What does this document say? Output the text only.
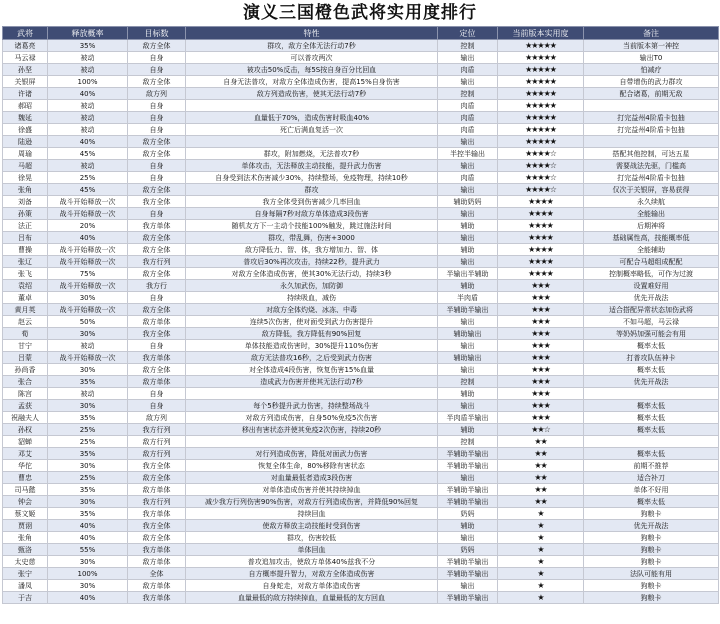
演义三国橙色武将实用度排行
武将	释放概率	目标数	特性	定位	当前版本实用度	备注
诸葛亮	35%	敌方全体	群攻，敌方全体无法行动7秒	控制	★★★★★	当前版本第一神控
马云禄	被动	自身	可以普攻两次	输出	★★★★★	输出T0
孙坚	被动	自身	被攻击50%反击，每5S按自身百分比回血	肉盾	★★★★★	怕减疗
关银屏	100%	敌方全体	自身无法普攻，对敌方全体造成伤害，提高15%自身伤害	输出	★★★★★	自带增伤的武力群攻
许诸	40%	敌方列	敌方列造成伤害，使其无法行动7秒	控制	★★★★★	配合诸葛，前期无敌
郝昭	被动	自身		肉盾	★★★★★	
魏延	被动	自身	血量低于70%，造成伤害时吸血40%	肉盾	★★★★★	打完益州4阶盾卡包抽
徐盛	被动	自身	死亡后满血复活一次	肉盾	★★★★★	打完益州4阶盾卡包抽
陆逊	40%	敌方全体		输出	★★★★★	
周瑜	45%	敌方全体	群攻，附加燃烧，无法普攻7秒	半控半输出	★★★★☆	搭配其他控制，可达五星
马超	被动	自身	单体攻击，无法释放主动技能，提升武力伤害	输出	★★★★☆	需要战法先驱，门槛高
徐晃	25%	自身	自身受到法术伤害减少30%，持续整场，免疫物理，持续10秒	肉盾	★★★★☆	打完益州4阶盾卡包抽
张角	45%	敌方全体	群攻	输出	★★★★☆	仅次于关银屏，容易获得
刘备	战斗开始释放一次	我方全体	我方全体受到伤害减少几率回血	辅助奶妈	★★★★	永久续航
孙策	战斗开始释放一次	自身	自身每隔7秒对敌方单体造成3段伤害	输出	★★★★	全能输出
法正	20%	我方单体	随机友方下一主动个技能100%触发，跳过施法时间	辅助	★★★★	后期神将
吕布	40%	敌方全体	群攻，带乱舞，伤害+3000	输出	★★★★	基础属性高，技能概率低
曹操	战斗开始释放一次	敌方全体	敌方降低力、智、体，我方增加力、智、体	辅助	★★★★	全能辅助
张辽	战斗开始释放一次	我方行列	普攻后30%再次攻击，持续22秒，提升武力	输出	★★★★	可配合马超组成配配
张飞	75%	敌方全体	对敌方全体造成伤害，使其30%无法行动，持续3秒	半输出半辅助	★★★★	控制概率略低，可作为过渡
袁绍	战斗开始释放一次	我方行	永久加武伤，加防御	辅助	★★★	设置难好用
董卓	30%	自身	持续吸血，减伤	半肉盾	★★★	优先开战法
黄月英	战斗开始释放一次	敌方全体	对敌方全体灼烧、冰冻、中毒	半辅助半输出	★★★	适合搭配异常状态加伤武将
赵云	50%	敌方单体	连续5次伤害，使对面受到武力伤害提升	输出	★★★	不如马超，马云禄
荀	30%	我方全体	敌方降低，我方降低有90%回复	辅助输出	★★★	等奶妈加强可能会有用
甘宁	被动	自身	单体技能造成伤害时，30%提升110%伤害	输出	★★★	概率太低
吕蒙	战斗开始释放一次	我方单体	敌方无法普攻16秒，之后受到武力伤害	辅助输出	★★★	打普攻队伍神卡
孙尚香	30%	敌方全体	对全体造成4段伤害，恢复伤害15%血量	输出	★★★	概率太低
张合	35%	敌方单体	造成武力伤害并使其无法行动7秒	控制	★★★	优先开战法
陈宫	被动	自身		辅助	★★★	
孟获	30%	自身	每个5秒提升武力伤害，持续整场战斗	输出	★★★	概率太低
祝融夫人	35%	敌方列	对敌方列造成伤害，自身50%免疫5次伤害	半肉盾半输出	★★★	概率太低
孙权	25%	我方行列	移出有害状态并使其免疫2次伤害，持续20秒	辅助	★★☆	概率太低
貂蝉	25%	敌方行列		控制	★★	
邓艾	35%	敌方行列	对行列造成伤害，降低对面武力伤害	半辅助半输出	★★	概率太低
华佗	30%	我方全体	恢复全体生命，80%移除有害状态	半辅助半输出	★★	前期不推荐
曹忠	25%	敌方全体	对血量最低者造成3段伤害	输出	★★	适合补刀
司马懿	35%	敌方单体	对单体造成伤害并使其持续掉血	半辅助半输出	★★	单体不好用
钟会	30%	我方行列	减少我方行列伤害90%伤害，对敌方行列造成伤害，并降低90%回复	半辅助半输出	★★	概率太低
蔡文姬	35%	我方单体	持续回血	奶妈	★	狗粮卡
贾诩	40%	我方全体	使敌方释放主动技能时受到伤害	辅助	★	优先开战法
张角	40%	敌方全体	群攻，伤害较低	输出	★	狗粮卡
甄洛	55%	我方单体	单体回血	奶妈	★	狗粮卡
太史慈	30%	敌方单体	普攻追加攻击，使敌方单体40%兹我不分	半辅助半输出	★	狗粮卡
张宁	100%	全体	自方概率提升智力，对敌方全体造成伤害	半辅助半输出	★	法队可能有用
潘凤	30%	敌方单体	自身蛇走，对敌方单体造成伤害	输出	★	狗粮卡
于吉	40%	我方单体	血量最低的敌方持续掉血，血量最低的友方回血	半辅助半输出	★	狗粮卡
